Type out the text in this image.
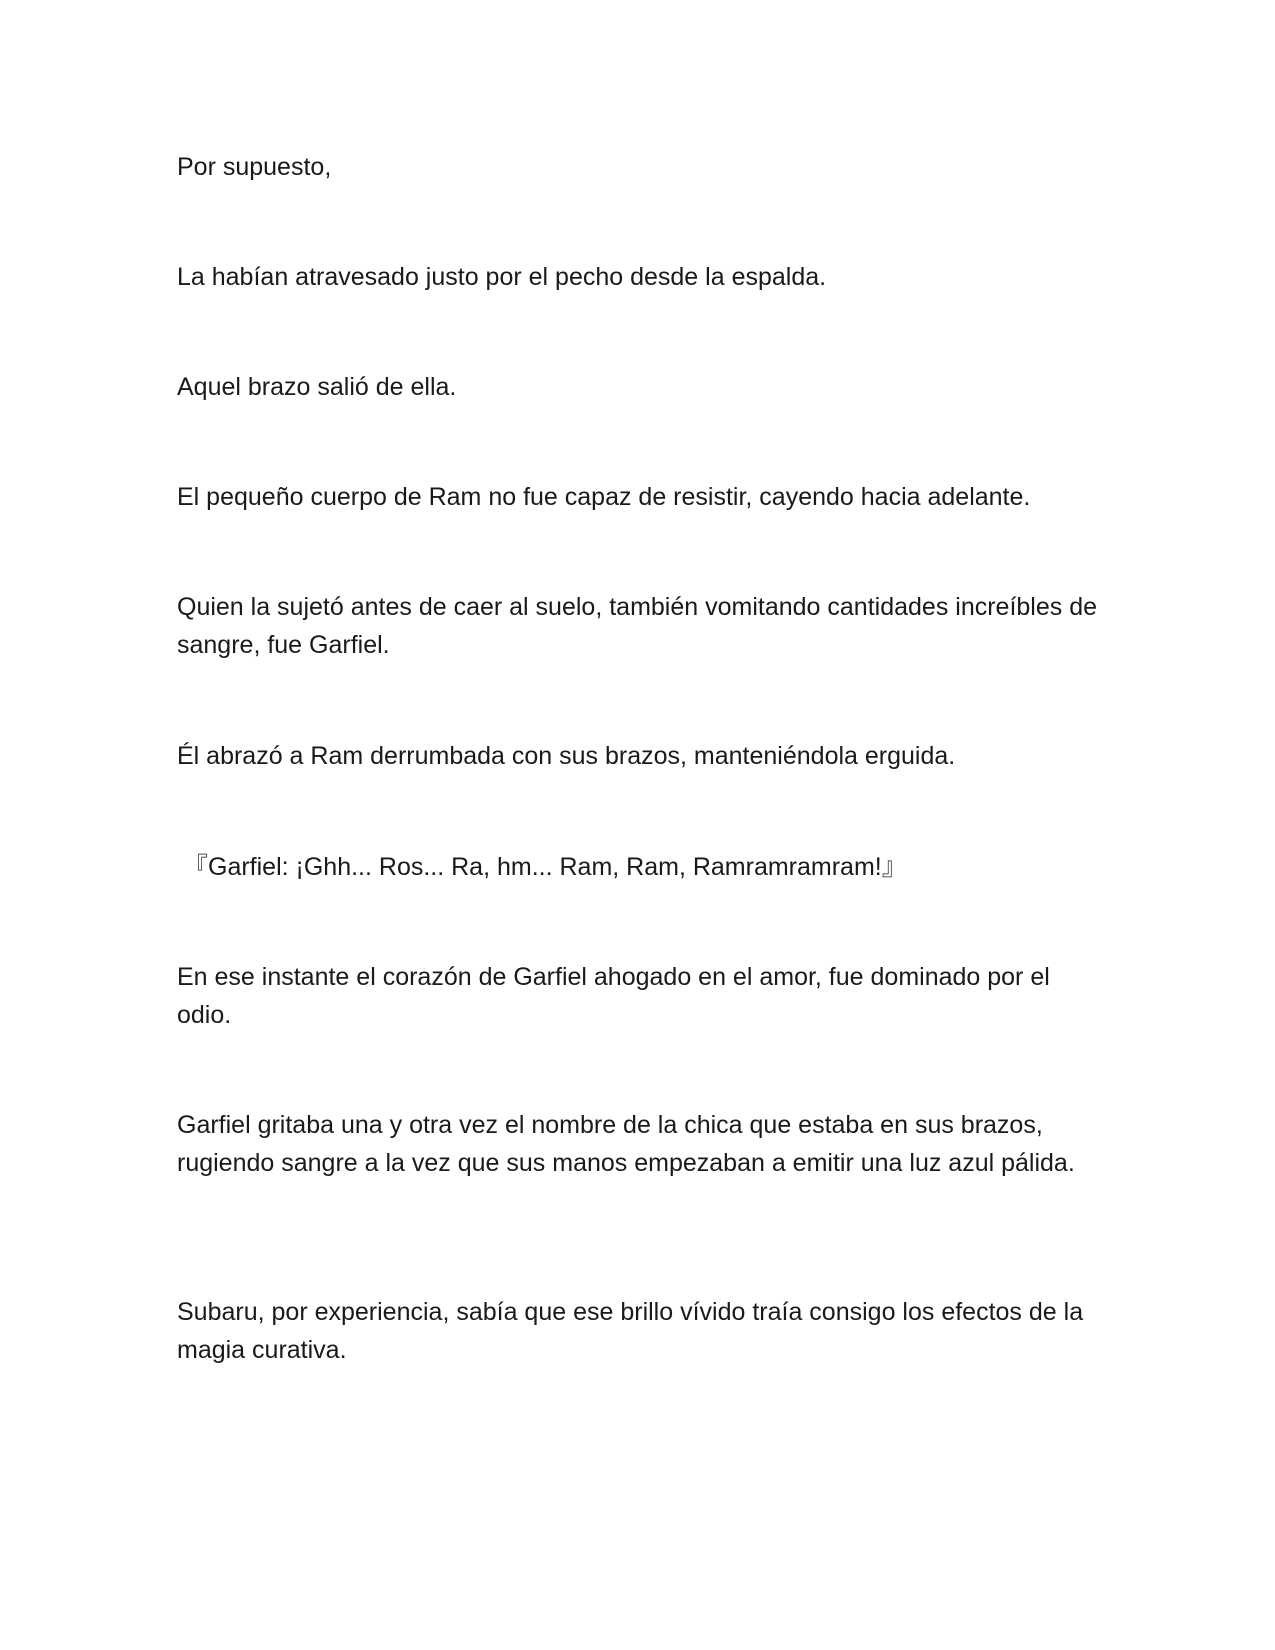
Por supuesto,

La habían atravesado justo por el pecho desde la espalda.

Aquel brazo salió de ella.

El pequeño cuerpo de Ram no fue capaz de resistir, cayendo hacia adelante.

Quien la sujetó antes de caer al suelo, también vomitando cantidades increíbles de sangre, fue Garfiel.

Él abrazó a Ram derrumbada con sus brazos, manteniéndola erguida.

『Garfiel: ¡Ghh... Ros... Ra, hm... Ram, Ram, Ramramramram!』

En ese instante el corazón de Garfiel ahogado en el amor, fue dominado por el odio.

Garfiel gritaba una y otra vez el nombre de la chica que estaba en sus brazos, rugiendo sangre a la vez que sus manos empezaban a emitir una luz azul pálida.

Subaru, por experiencia, sabía que ese brillo vívido traía consigo los efectos de la magia curativa.
